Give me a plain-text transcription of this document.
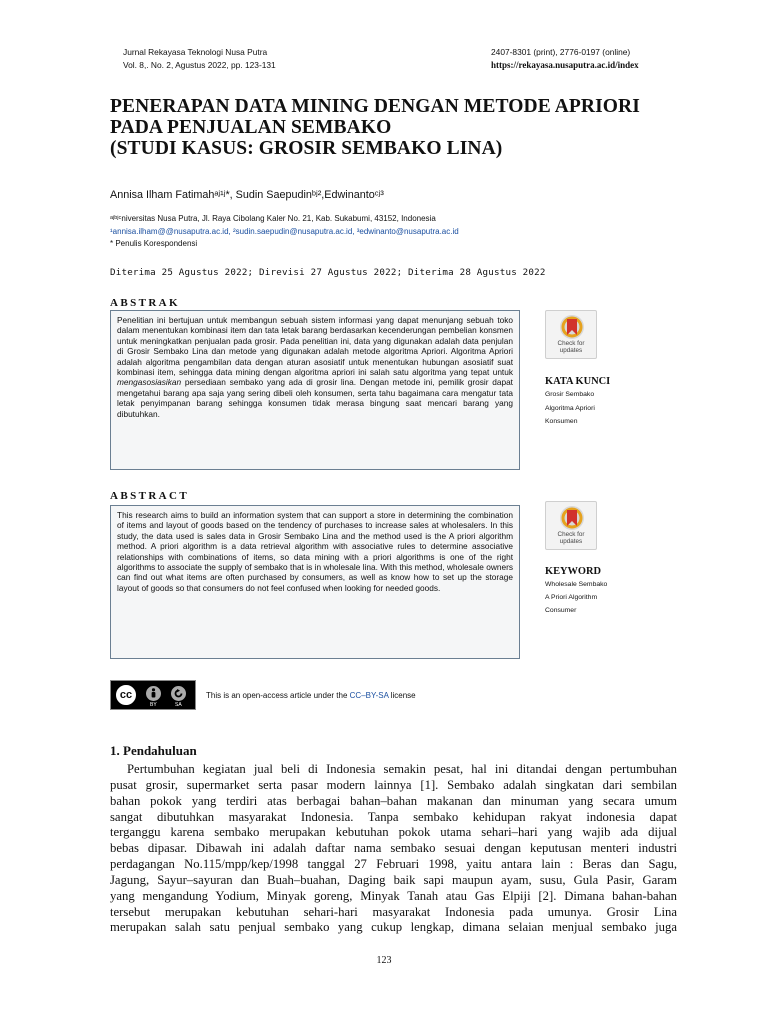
Jurnal Rekayasa Teknologi Nusa Putra
Vol. 8,. No. 2, Agustus 2022, pp. 123-131
2407-8301 (print), 2776-0197 (online)
https://rekayasa.nusaputra.ac.id/index
PENERAPAN DATA MINING DENGAN METODE APRIORI
PADA PENJUALAN SEMBAKO
(STUDI KASUS: GROSIR SEMBAKO LINA)
Annisa Ilham Fatimahᵃʲ¹ʲ*, Sudin Saepudinᵇʲ²,Edwinantoᶜʲ³
ᵃʲᵇʲᶜniversitas Nusa Putra, Jl. Raya Cibolang Kaler No. 21, Kab. Sukabumi, 43152, Indonesia
¹annisa.ilham@@nusaputra.ac.id, ²sudin.saepudin@nusaputra.ac.id, ³edwinanto@nusaputra.ac.id
* Penulis Korespondensi
Diterima 25 Agustus 2022; Direvisi 27 Agustus 2022; Diterima 28 Agustus 2022
ABSTRAK
Penelitian ini bertujuan untuk membangun sebuah sistem informasi yang dapat menunjang sebuah toko dalam menentukan kombinasi item dan tata letak barang berdasarkan kecenderungan pembelian konsmen untuk meningkatkan penjualan pada grosir. Pada penelitian ini, data yang digunakan adalah data penjulan di Grosir Sembako Lina dan metode yang digunakan adalah metode algoritma Apriori. Algoritma Apriori adalah algoritma pengambilan data dengan aturan asosiatif untuk menentukan hubungan asosiatif suat kombinasi item, sehingga data mining dengan algoritma apriori ini salah satu algoritma yang tepat untuk mengasosiasikan persediaan sembako yang ada di grosir lina. Dengan metode ini, pemilik grosir dapat mengetahui barang apa saja yang sering dibeli oleh konsumen, serta tahu bagaimana cara mengatur tata letak penyimpanan barang sehingga konsumen tidak merasa bingung saat mencari barang yang dibutuhkan.
Check for
updates
KATA KUNCI
Grosir Sembako
Algoritma Apriori
Konsumen
ABSTRACT
This research aims to build an information system that can support a store in determining the combination of items and layout of goods based on the tendency of purchases to increase sales at wholesalers. In this study, the data used is sales data in Grosir Sembako Lina and the method used is the A priori algorithm method. A priori algorithm is a data retrieval algorithm with associative rules to determine associative relationships with combinations of items, so data mining with a priori algorithms is one of the right algorithms to associate the supply of sembako that is in wholesale lina. With this method, wholesale owners can find out what items are often purchased by consumers, as well as know how to set up the storage layout of goods so that consumers do not feel confused when looking for needed goods.
Check for
updates
KEYWORD
Wholesale Sembako
A Priori Algorithm
Consumer
cc
BY	SA
This is an open-access article under the CC–BY-SA license
1. Pendahuluan
Pertumbuhan kegiatan jual beli di Indonesia semakin pesat, hal ini ditandai dengan pertumbuhan
pusat grosir, supermarket serta pasar modern lainnya [1]. Sembako adalah singkatan dari sembilan
bahan pokok yang terdiri atas berbagai bahan–bahan makanan dan minuman yang secara umum
sangat dibutuhkan masyarakat Indonesia. Tanpa sembako kehidupan rakyat indonesia dapat
terganggu karena sembako merupakan kebutuhan pokok utama sehari–hari yang wajib ada dijual
bebas dipasar. Dibawah ini adalah daftar nama sembako sesuai dengan keputusan menteri industri
perdagangan No.115/mpp/kep/1998 tanggal 27 Februari 1998, yaitu antara lain : Beras dan Sagu,
Jagung, Sayur–sayuran dan Buah–buahan, Daging baik sapi maupun ayam, susu, Gula Pasir, Garam
yang mengandung Yodium, Minyak goreng, Minyak Tanah atau Gas Elpiji [2]. Dimana bahan-bahan
tersebut merupakan kebutuhan sehari-hari masyarakat Indonesia pada umunya. Grosir Lina
merupakan salah satu penjual sembako yang cukup lengkap, dimana selaian menjual sembako juga
123
